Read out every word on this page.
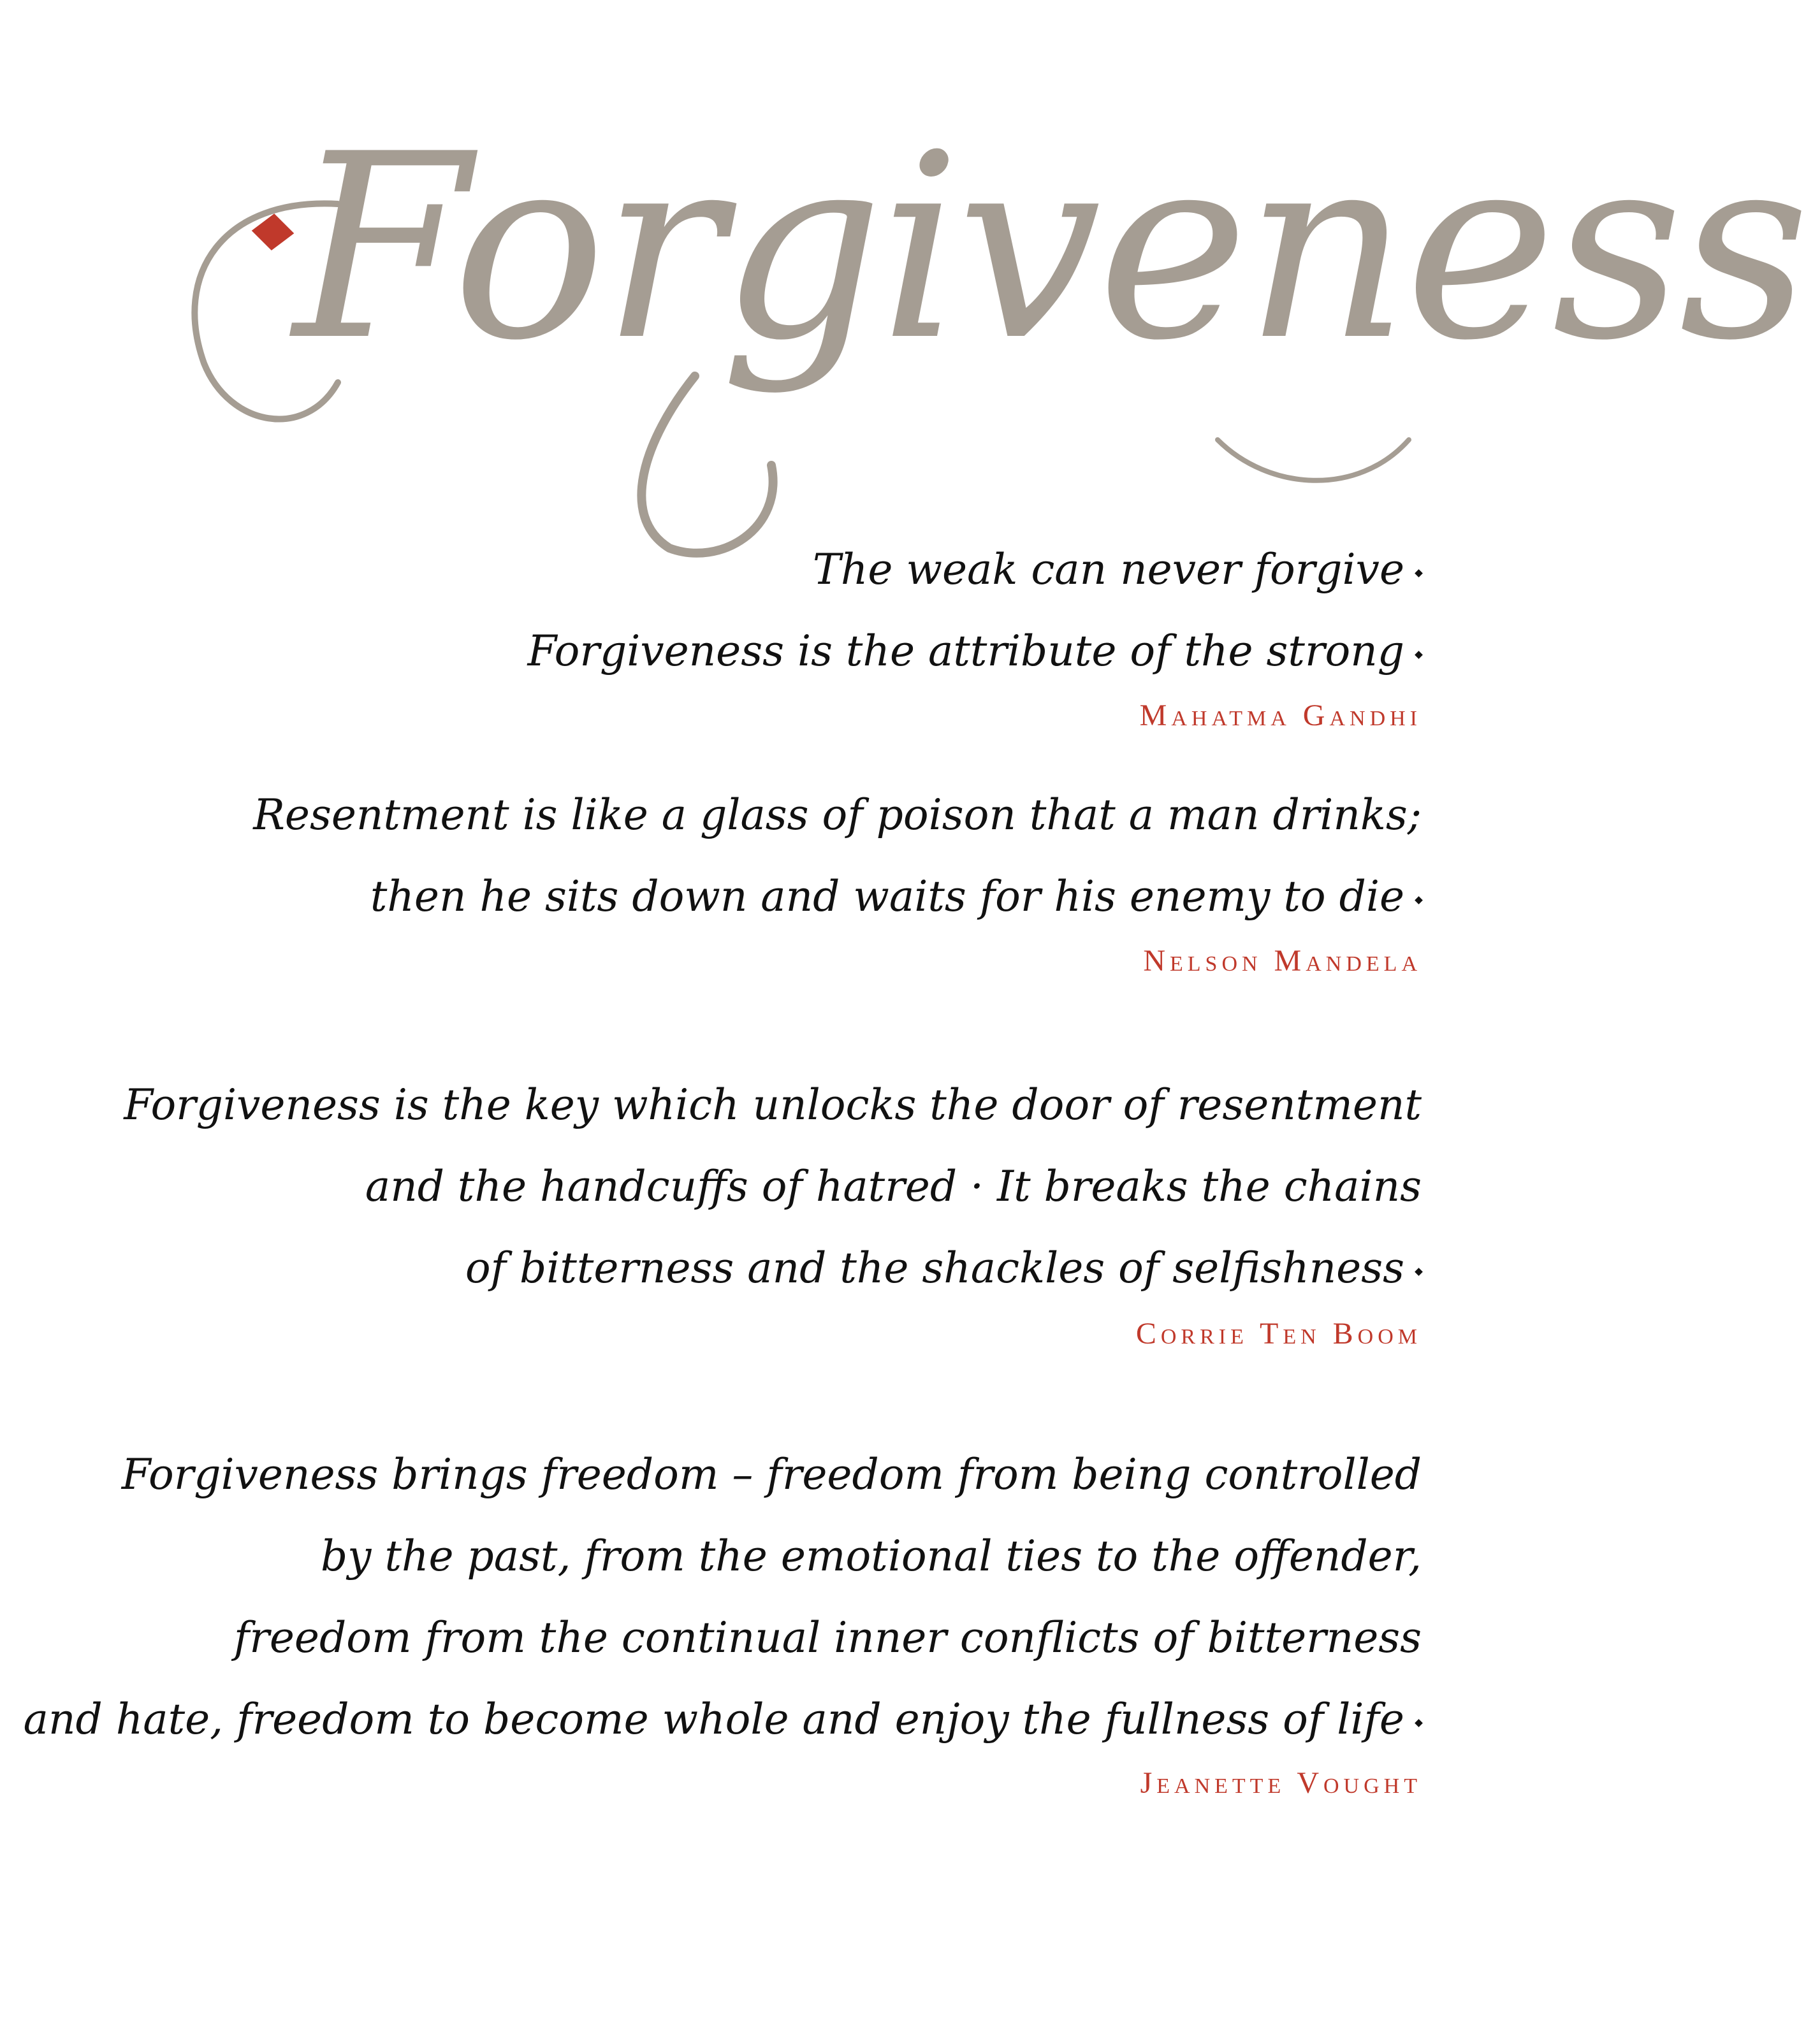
Forgiveness
The weak can never forgive
Forgiveness is the attribute of the strong
Mahatma Gandhi
Resentment is like a glass of poison that a man drinks;
then he sits down and waits for his enemy to die
Nelson Mandela
Forgiveness is the key which unlocks the door of resentment
and the handcuffs of hatred · It breaks the chains
of bitterness and the shackles of selfishness
Corrie Ten Boom
Forgiveness brings freedom – freedom from being controlled
by the past, from the emotional ties to the offender,
freedom from the continual inner conflicts of bitterness
and hate, freedom to become whole and enjoy the fullness of life
Jeanette Vought
